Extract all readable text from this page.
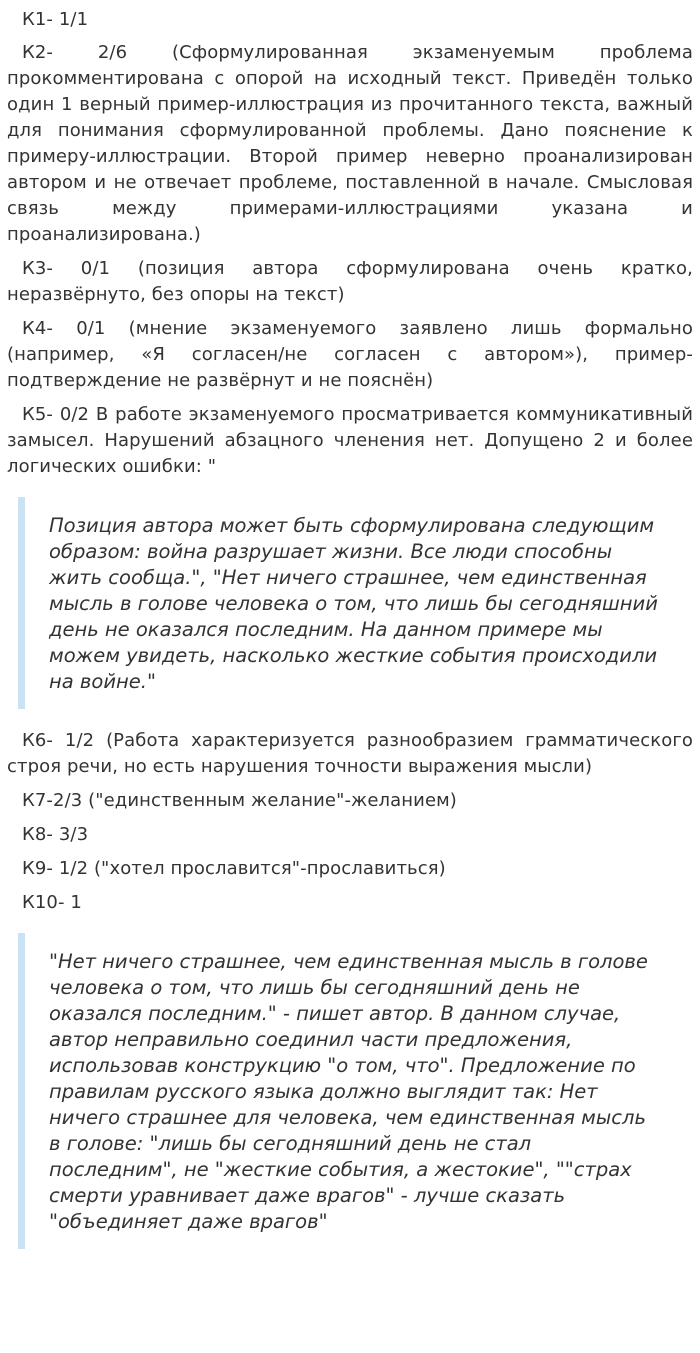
К1- 1/1

К2- 2/6 (Сформулированная экзаменуемым проблема прокомментирована с опорой на исходный текст. Приведён только один 1 верный пример-иллюстрация из прочитанного текста, важный для понимания сформулированной проблемы. Дано пояснение к примеру-иллюстрации. Второй пример неверно проанализирован автором и не отвечает проблеме, поставленной в начале. Смысловая связь между примерами-иллюстрациями указана и проанализирована.)

К3- 0/1 (позиция автора сформулирована очень кратко, неразвёрнуто, без опоры на текст)

К4- 0/1 (мнение экзаменуемого заявлено лишь формально (например, «Я согласен/не согласен с автором»), пример-подтверждение не развёрнут и не пояснён)

К5- 0/2 В работе экзаменуемого просматривается коммуникативный замысел. Нарушений абзацного членения нет. Допущено 2 и более логических ошибки: "

Позиция автора может быть сформулирована следующим образом: война разрушает жизни. Все люди способны жить сообща.", "Нет ничего страшнее, чем единственная мысль в голове человека о том, что лишь бы сегодняшний день не оказался последним. На данном примере мы можем увидеть, насколько жесткие события происходили на войне."

К6- 1/2 (Работа характеризуется разнообразием грамматического строя речи, но есть нарушения точности выражения мысли)

К7-2/3 ("единственным желание"-желанием)

К8- 3/3

К9- 1/2 ("хотел прославится"-прославиться)

К10- 1

"Нет ничего страшнее, чем единственная мысль в голове человека о том, что лишь бы сегодняшний день не оказался последним." - пишет автор. В данном случае, автор неправильно соединил части предложения, использовав конструкцию "о том, что". Предложение по правилам русского языка должно выглядит так: Нет ничего страшнее для человека, чем единственная мысль в голове: "лишь бы сегодняшний день не стал последним", не "жесткие события, а жестокие", ""страх смерти уравнивает даже врагов" - лучше сказать "объединяет даже врагов"
